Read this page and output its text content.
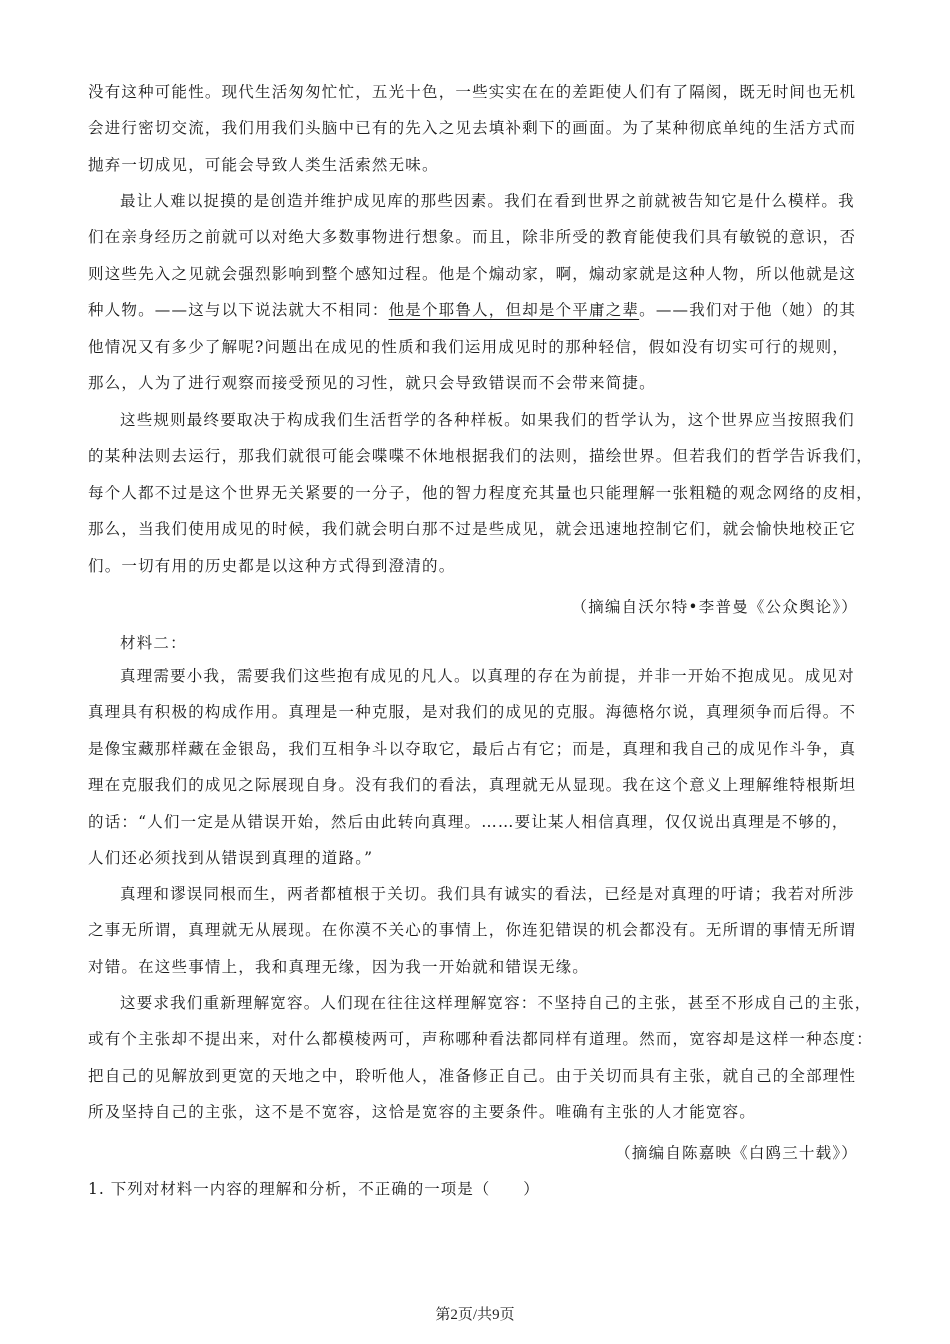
没有这种可能性。现代生活匆匆忙忙，五光十色，一些实实在在的差距使人们有了隔阂，既无时间也无机
会进行密切交流，我们用我们头脑中已有的先入之见去填补剩下的画面。为了某种彻底单纯的生活方式而
抛弃一切成见，可能会导致人类生活索然无味。
最让人难以捉摸的是创造并维护成见库的那些因素。我们在看到世界之前就被告知它是什么模样。我
们在亲身经历之前就可以对绝大多数事物进行想象。而且，除非所受的教育能使我们具有敏锐的意识，否
则这些先入之见就会强烈影响到整个感知过程。他是个煽动家，啊，煽动家就是这种人物，所以他就是这
种人物。——这与以下说法就大不相同：他是个耶鲁人，但却是个平庸之辈。——我们对于他（她）的其
他情况又有多少了解呢?问题出在成见的性质和我们运用成见时的那种轻信，假如没有切实可行的规则，
那么，人为了进行观察而接受预见的习性，就只会导致错误而不会带来简捷。
这些规则最终要取决于构成我们生活哲学的各种样板。如果我们的哲学认为，这个世界应当按照我们
的某种法则去运行，那我们就很可能会喋喋不休地根据我们的法则，描绘世界。但若我们的哲学告诉我们，
每个人都不过是这个世界无关紧要的一分子，他的智力程度充其量也只能理解一张粗糙的观念网络的皮相，
那么，当我们使用成见的时候，我们就会明白那不过是些成见，就会迅速地控制它们，就会愉快地校正它
们。一切有用的历史都是以这种方式得到澄清的。
（摘编自沃尔特•李普曼《公众舆论》）
材料二：
真理需要小我，需要我们这些抱有成见的凡人。以真理的存在为前提，并非一开始不抱成见。成见对
真理具有积极的构成作用。真理是一种克服，是对我们的成见的克服。海德格尔说，真理须争而后得。不
是像宝藏那样藏在金银岛，我们互相争斗以夺取它，最后占有它；而是，真理和我自己的成见作斗争，真
理在克服我们的成见之际展现自身。没有我们的看法，真理就无从显现。我在这个意义上理解维特根斯坦
的话：“人们一定是从错误开始，然后由此转向真理。……要让某人相信真理，仅仅说出真理是不够的，
人们还必须找到从错误到真理的道路。”
真理和谬误同根而生，两者都植根于关切。我们具有诚实的看法，已经是对真理的吁请；我若对所涉
之事无所谓，真理就无从展现。在你漠不关心的事情上，你连犯错误的机会都没有。无所谓的事情无所谓
对错。在这些事情上，我和真理无缘，因为我一开始就和错误无缘。
这要求我们重新理解宽容。人们现在往往这样理解宽容：不坚持自己的主张，甚至不形成自己的主张，
或有个主张却不提出来，对什么都模棱两可，声称哪种看法都同样有道理。然而，宽容却是这样一种态度：
把自己的见解放到更宽的天地之中，聆听他人，准备修正自己。由于关切而具有主张，就自己的全部理性
所及坚持自己的主张，这不是不宽容，这恰是宽容的主要条件。唯确有主张的人才能宽容。
（摘编自陈嘉映《白鸥三十载》）
1. 下列对材料一内容的理解和分析，不正确的一项是（　　）
第2页/共9页
